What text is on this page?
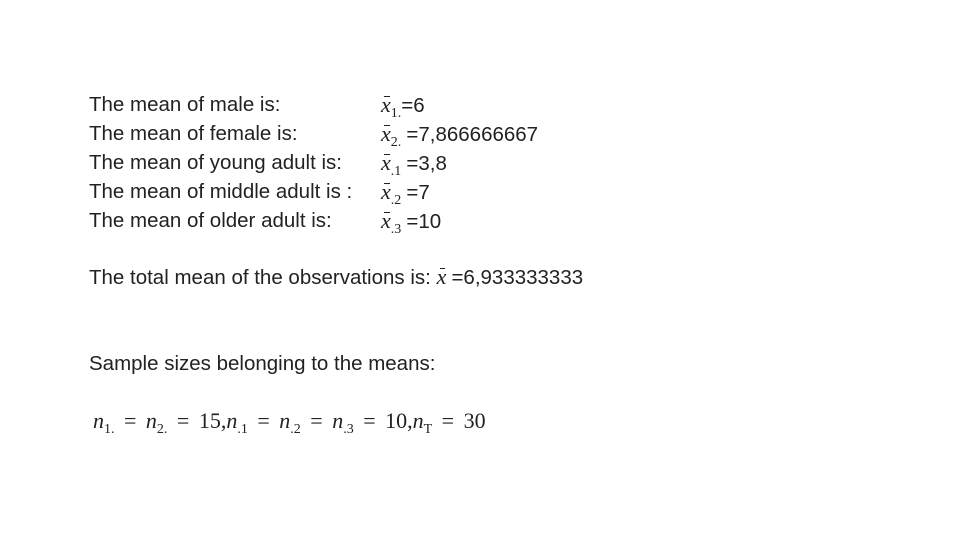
The mean of male is:	$x_{1.}=6$
The mean of female is:	$x_{2.} =7,866666667$
The mean of young adult is: $x_{.1} =3,8$
The mean of middle adult is : $x_{.2} =7$
The mean of older adult is: $x_{.3} =10$
The total mean of the observations is: x =6,933333333
Sample sizes belonging to the means:
$n_{1.} = n_{2.} = 15,n_{.1} = n_{.2} = n_{.3} = 10,n_T = 30$
